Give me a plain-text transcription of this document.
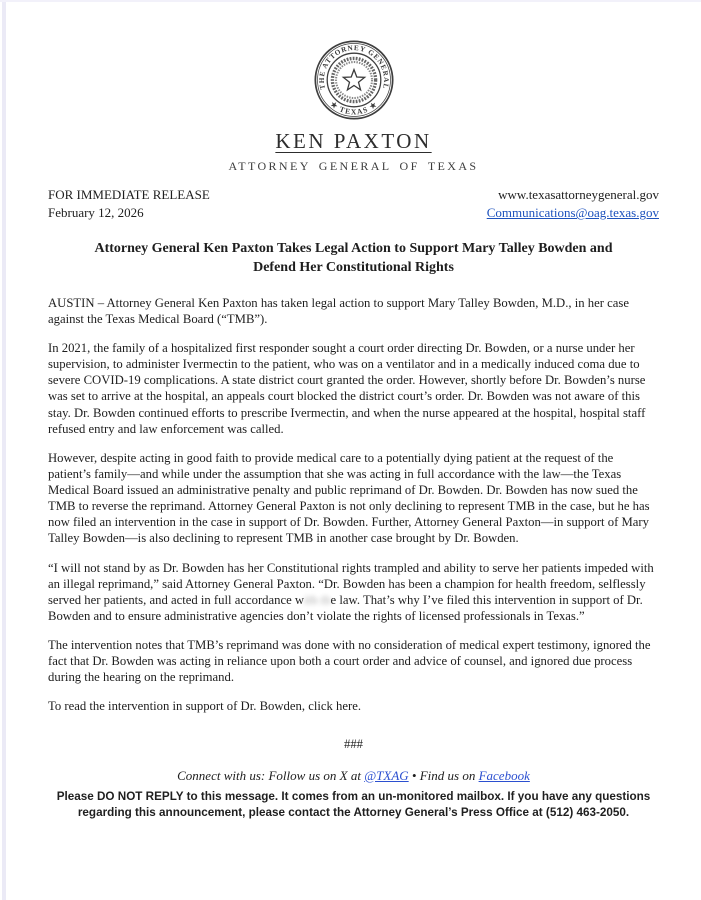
THE ATTORNEY GENERAL
★ TEXAS ★
KEN PAXTON
ATTORNEY GENERAL OF TEXAS
FOR IMMEDIATE RELEASE
February 12, 2026
www.texasattorneygeneral.gov
Communications@oag.texas.gov
Attorney General Ken Paxton Takes Legal Action to Support Mary Talley Bowden and Defend Her Constitutional Rights

AUSTIN – Attorney General Ken Paxton has taken legal action to support Mary Talley Bowden, M.D., in her case against the Texas Medical Board (“TMB”).

In 2021, the family of a hospitalized first responder sought a court order directing Dr. Bowden, or a nurse under her supervision, to administer Ivermectin to the patient, who was on a ventilator and in a medically induced coma due to severe COVID-19 complications. A state district court granted the order. However, shortly before Dr. Bowden’s nurse was set to arrive at the hospital, an appeals court blocked the district court’s order. Dr. Bowden was not aware of this stay. Dr. Bowden continued efforts to prescribe Ivermectin, and when the nurse appeared at the hospital, hospital staff refused entry and law enforcement was called.

However, despite acting in good faith to provide medical care to a potentially dying patient at the request of the patient’s family—and while under the assumption that she was acting in full accordance with the law—the Texas Medical Board issued an administrative penalty and public reprimand of Dr. Bowden. Dr. Bowden has now sued the TMB to reverse the reprimand. Attorney General Paxton is not only declining to represent TMB in the case, but he has now filed an intervention in the case in support of Dr. Bowden. Further, Attorney General Paxton—in support of Mary Talley Bowden—is also declining to represent TMB in another case brought by Dr. Bowden.

“I will not stand by as Dr. Bowden has her Constitutional rights trampled and ability to serve her patients impeded with an illegal reprimand,” said Attorney General Paxton. “Dr. Bowden has been a champion for health freedom, selflessly served her patients, and acted in full accordance with the law. That’s why I’ve filed this intervention in support of Dr. Bowden and to ensure administrative agencies don’t violate the rights of licensed professionals in Texas.”

The intervention notes that TMB’s reprimand was done with no consideration of medical expert testimony, ignored the fact that Dr. Bowden was acting in reliance upon both a court order and advice of counsel, and ignored due process during the hearing on the reprimand.

To read the intervention in support of Dr. Bowden, click here.

###
Connect with us: Follow us on X at @TXAG • Find us on Facebook
Please DO NOT REPLY to this message. It comes from an un-monitored mailbox. If you have any questions regarding this announcement, please contact the Attorney General’s Press Office at (512) 463-2050.
